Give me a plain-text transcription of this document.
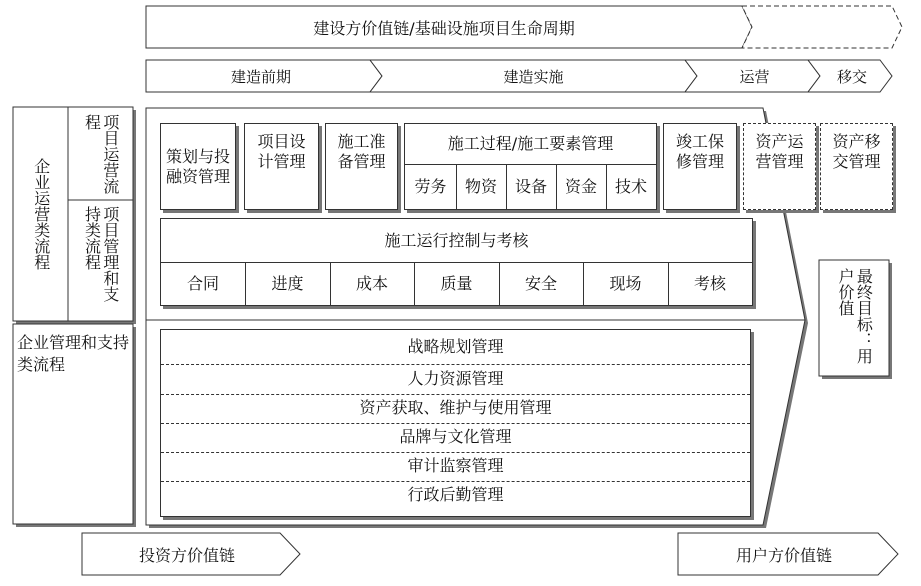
建设方价值链/基础设施项目生命周期
建造前期	建造实施	运营	移交
企业运营类流程
项目运营流程
项目管理和支持类流程
企业管理和支持类流程
策划与投融资管理
项目设计管理
施工准备管理
施工过程/施工要素管理
劳务 物资 设备 资金 技术
竣工保修管理
资产运营管理
资产移交管理
施工运行控制与考核
合同	进度	成本	质量	安全	现场	考核
战略规划管理
人力资源管理
资产获取、维护与使用管理
品牌与文化管理
审计监察管理
行政后勤管理
最终目标：用户价值
投资方价值链	用户方价值链
